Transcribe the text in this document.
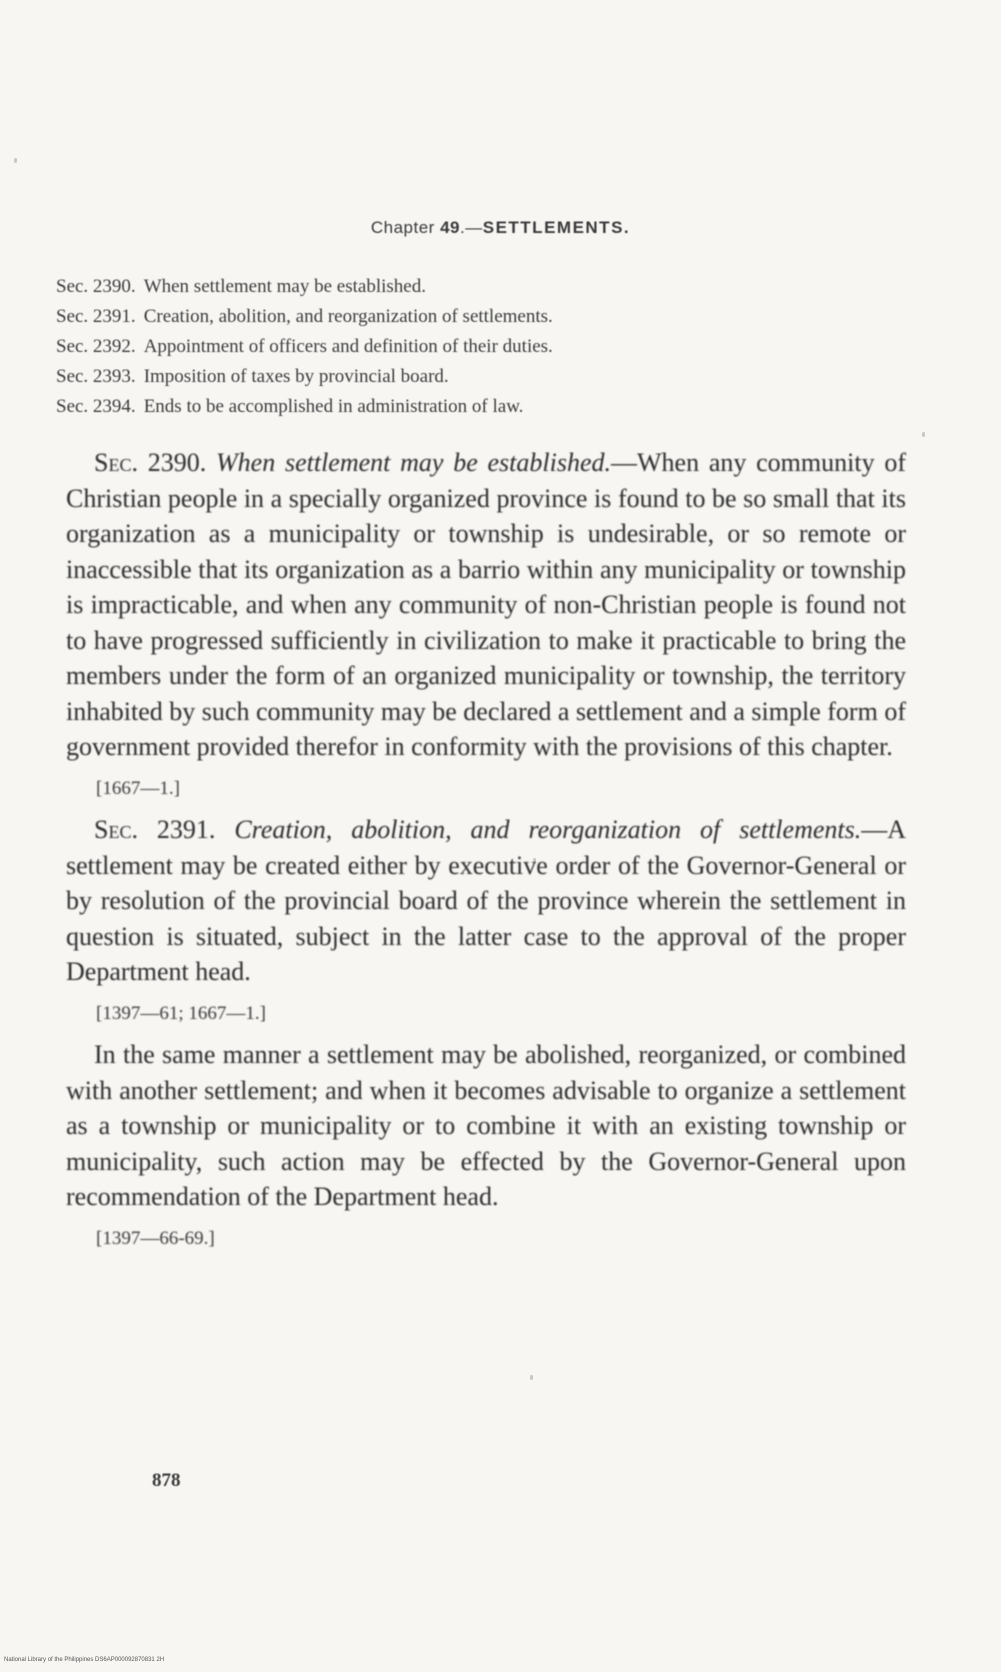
Chapter 49.—SETTLEMENTS.
Sec. 2390. When settlement may be established.
Sec. 2391. Creation, abolition, and reorganization of settlements.
Sec. 2392. Appointment of officers and definition of their duties.
Sec. 2393. Imposition of taxes by provincial board.
Sec. 2394. Ends to be accomplished in administration of law.

Sec. 2390. When settlement may be established.—When any community of Christian people in a specially organized province is found to be so small that its organization as a municipality or township is undesirable, or so remote or inaccessible that its organization as a barrio within any municipality or township is impracticable, and when any community of non-Christian people is found not to have progressed sufficiently in civilization to make it practicable to bring the members under the form of an organized municipality or township, the territory inhabited by such community may be declared a settlement and a simple form of government provided therefor in conformity with the provisions of this chapter.

[1667—1.]

Sec. 2391. Creation, abolition, and reorganization of settlements.—A settlement may be created either by executive order of the Governor-General or by resolution of the provincial board of the province wherein the settlement in question is situated, subject in the latter case to the approval of the proper Department head.

[1397—61; 1667—1.]

In the same manner a settlement may be abolished, reorganized, or combined with another settlement; and when it becomes advisable to organize a settlement as a township or municipality or to combine it with an existing township or municipality, such action may be effected by the Governor-General upon recommendation of the Department head.

[1397—66-69.]

878
National Library of the Philippines DS6AP000092870831 2H
